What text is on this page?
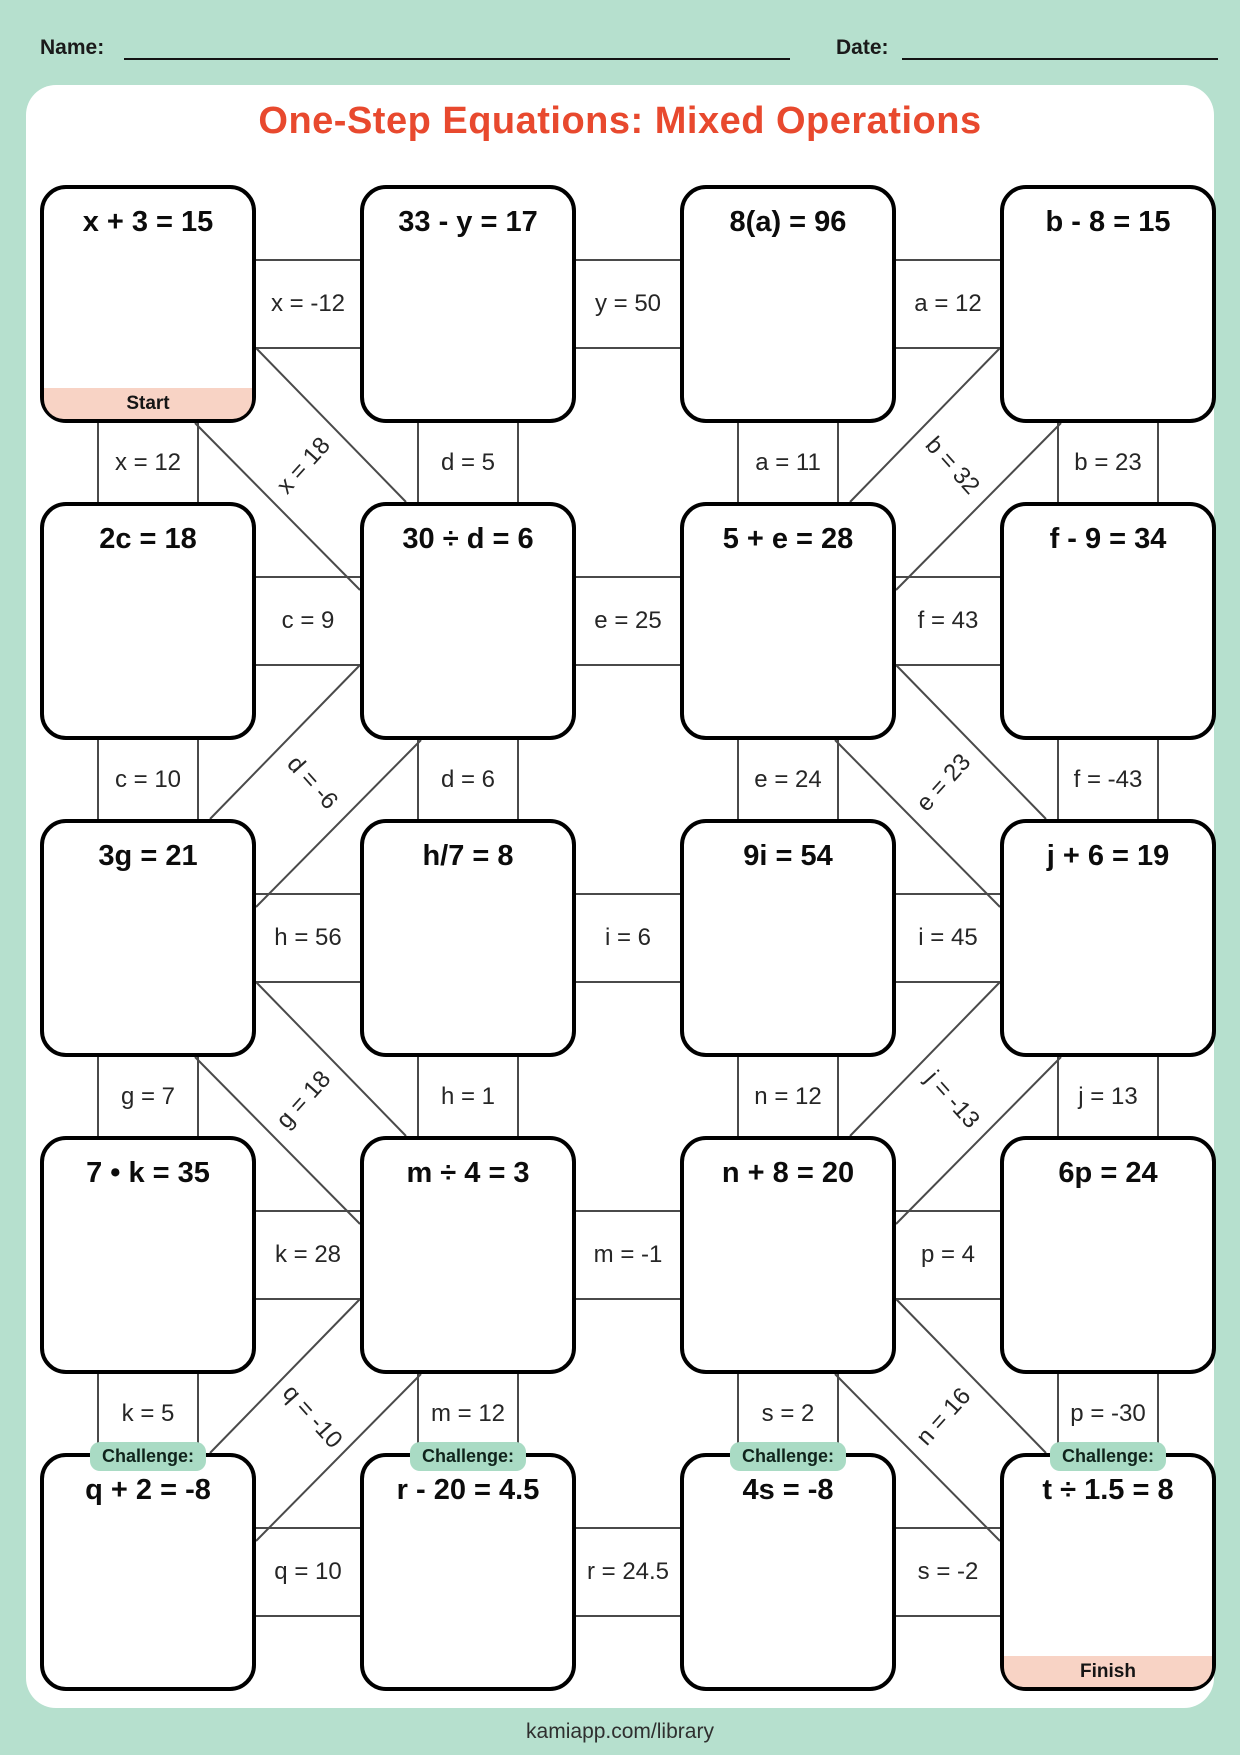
Name:	Date:
One-Step Equations: Mixed Operations
x = -12	y = 50	a = 12
c = 9	e = 25	f = 43
h = 56	i = 6	i = 45
k = 28	m = -1	p = 4
q = 10	r = 24.5	s = -2
x = 12	d = 5	a = 11	b = 23
c = 10	d = 6	e = 24	f = -43
g = 7	h = 1	n = 12	j = 13
k = 5	m = 12	s = 2	p = -30
x = 18	b = 32
d = -6	e = 23
g = 18	j = -13
q = -10	n = 16
x + 3 = 15
Start
33 - y = 17	8(a) = 96	b - 8 = 15
2c = 18	30 ÷ d = 6	5 + e = 28	f - 9 = 34
3g = 21	h/7 = 8	9i = 54	j + 6 = 19
7 • k = 35	m ÷ 4 = 3	n + 8 = 20	6p = 24
q + 2 = -8
Challenge:
r - 20 = 4.5
Challenge:
4s = -8
Challenge:
t ÷ 1.5 = 8
Challenge:
Finish
kamiapp.com/library
